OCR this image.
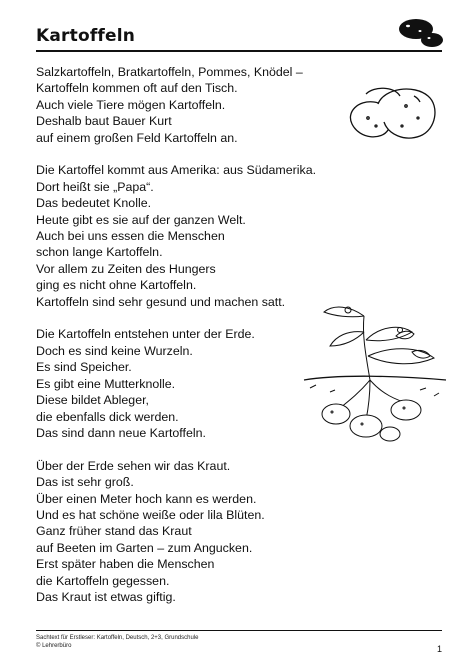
Kartoffeln
Salzkartoffeln, Bratkartoffeln, Pommes, Knödel –
Kartoffeln kommen oft auf den Tisch.
Auch viele Tiere mögen Kartoffeln.
Deshalb baut Bauer Kurt
auf einem großen Feld Kartoffeln an.
Die Kartoffel kommt aus Amerika: aus Südamerika.
Dort heißt sie „Papa“.
Das bedeutet Knolle.
Heute gibt es sie auf der ganzen Welt.
Auch bei uns essen die Menschen
schon lange Kartoffeln.
Vor allem zu Zeiten des Hungers
ging es nicht ohne Kartoffeln.
Kartoffeln sind sehr gesund und machen satt.
Die Kartoffeln entstehen unter der Erde.
Doch es sind keine Wurzeln.
Es sind Speicher.
Es gibt eine Mutterknolle.
Diese bildet Ableger,
die ebenfalls dick werden.
Das sind dann neue Kartoffeln.
Über der Erde sehen wir das Kraut.
Das ist sehr groß.
Über einen Meter hoch kann es werden.
Und es hat schöne weiße oder lila Blüten.
Ganz früher stand das Kraut
auf Beeten im Garten – zum Angucken.
Erst später haben die Menschen
die Kartoffeln gegessen.
Das Kraut ist etwas giftig.
Sachtext für Erstleser: Kartoffeln, Deutsch, 2+3, Grundschule
© Lehrerbüro	1
